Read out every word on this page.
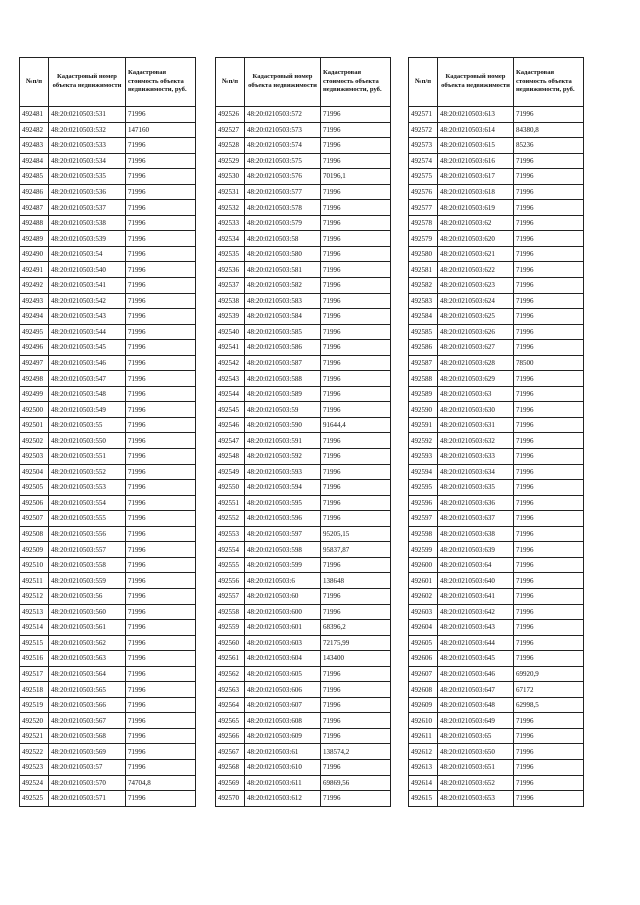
№п/п	Кадастровый номер объекта недвижимости	Кадастровая стоимость объекта недвижимости, руб.
492481	48:20:0210503:531	71996
492482	48:20:0210503:532	147160
492483	48:20:0210503:533	71996
492484	48:20:0210503:534	71996
492485	48:20:0210503:535	71996
492486	48:20:0210503:536	71996
492487	48:20:0210503:537	71996
492488	48:20:0210503:538	71996
492489	48:20:0210503:539	71996
492490	48:20:0210503:54	71996
492491	48:20:0210503:540	71996
492492	48:20:0210503:541	71996
492493	48:20:0210503:542	71996
492494	48:20:0210503:543	71996
492495	48:20:0210503:544	71996
492496	48:20:0210503:545	71996
492497	48:20:0210503:546	71996
492498	48:20:0210503:547	71996
492499	48:20:0210503:548	71996
492500	48:20:0210503:549	71996
492501	48:20:0210503:55	71996
492502	48:20:0210503:550	71996
492503	48:20:0210503:551	71996
492504	48:20:0210503:552	71996
492505	48:20:0210503:553	71996
492506	48:20:0210503:554	71996
492507	48:20:0210503:555	71996
492508	48:20:0210503:556	71996
492509	48:20:0210503:557	71996
492510	48:20:0210503:558	71996
492511	48:20:0210503:559	71996
492512	48:20:0210503:56	71996
492513	48:20:0210503:560	71996
492514	48:20:0210503:561	71996
492515	48:20:0210503:562	71996
492516	48:20:0210503:563	71996
492517	48:20:0210503:564	71996
492518	48:20:0210503:565	71996
492519	48:20:0210503:566	71996
492520	48:20:0210503:567	71996
492521	48:20:0210503:568	71996
492522	48:20:0210503:569	71996
492523	48:20:0210503:57	71996
492524	48:20:0210503:570	74704,8
492525	48:20:0210503:571	71996
№п/п	Кадастровый номер объекта недвижимости	Кадастровая стоимость объекта недвижимости, руб.
492526	48:20:0210503:572	71996
492527	48:20:0210503:573	71996
492528	48:20:0210503:574	71996
492529	48:20:0210503:575	71996
492530	48:20:0210503:576	70196,1
492531	48:20:0210503:577	71996
492532	48:20:0210503:578	71996
492533	48:20:0210503:579	71996
492534	48:20:0210503:58	71996
492535	48:20:0210503:580	71996
492536	48:20:0210503:581	71996
492537	48:20:0210503:582	71996
492538	48:20:0210503:583	71996
492539	48:20:0210503:584	71996
492540	48:20:0210503:585	71996
492541	48:20:0210503:586	71996
492542	48:20:0210503:587	71996
492543	48:20:0210503:588	71996
492544	48:20:0210503:589	71996
492545	48:20:0210503:59	71996
492546	48:20:0210503:590	91644,4
492547	48:20:0210503:591	71996
492548	48:20:0210503:592	71996
492549	48:20:0210503:593	71996
492550	48:20:0210503:594	71996
492551	48:20:0210503:595	71996
492552	48:20:0210503:596	71996
492553	48:20:0210503:597	95205,15
492554	48:20:0210503:598	95837,87
492555	48:20:0210503:599	71996
492556	48:20:0210503:6	138648
492557	48:20:0210503:60	71996
492558	48:20:0210503:600	71996
492559	48:20:0210503:601	68396,2
492560	48:20:0210503:603	72175,99
492561	48:20:0210503:604	143400
492562	48:20:0210503:605	71996
492563	48:20:0210503:606	71996
492564	48:20:0210503:607	71996
492565	48:20:0210503:608	71996
492566	48:20:0210503:609	71996
492567	48:20:0210503:61	138574,2
492568	48:20:0210503:610	71996
492569	48:20:0210503:611	69869,56
492570	48:20:0210503:612	71996
№п/п	Кадастровый номер объекта недвижимости	Кадастровая стоимость объекта недвижимости, руб.
492571	48:20:0210503:613	71996
492572	48:20:0210503:614	84380,8
492573	48:20:0210503:615	85236
492574	48:20:0210503:616	71996
492575	48:20:0210503:617	71996
492576	48:20:0210503:618	71996
492577	48:20:0210503:619	71996
492578	48:20:0210503:62	71996
492579	48:20:0210503:620	71996
492580	48:20:0210503:621	71996
492581	48:20:0210503:622	71996
492582	48:20:0210503:623	71996
492583	48:20:0210503:624	71996
492584	48:20:0210503:625	71996
492585	48:20:0210503:626	71996
492586	48:20:0210503:627	71996
492587	48:20:0210503:628	78500
492588	48:20:0210503:629	71996
492589	48:20:0210503:63	71996
492590	48:20:0210503:630	71996
492591	48:20:0210503:631	71996
492592	48:20:0210503:632	71996
492593	48:20:0210503:633	71996
492594	48:20:0210503:634	71996
492595	48:20:0210503:635	71996
492596	48:20:0210503:636	71996
492597	48:20:0210503:637	71996
492598	48:20:0210503:638	71996
492599	48:20:0210503:639	71996
492600	48:20:0210503:64	71996
492601	48:20:0210503:640	71996
492602	48:20:0210503:641	71996
492603	48:20:0210503:642	71996
492604	48:20:0210503:643	71996
492605	48:20:0210503:644	71996
492606	48:20:0210503:645	71996
492607	48:20:0210503:646	69920,9
492608	48:20:0210503:647	67172
492609	48:20:0210503:648	62998,5
492610	48:20:0210503:649	71996
492611	48:20:0210503:65	71996
492612	48:20:0210503:650	71996
492613	48:20:0210503:651	71996
492614	48:20:0210503:652	71996
492615	48:20:0210503:653	71996
